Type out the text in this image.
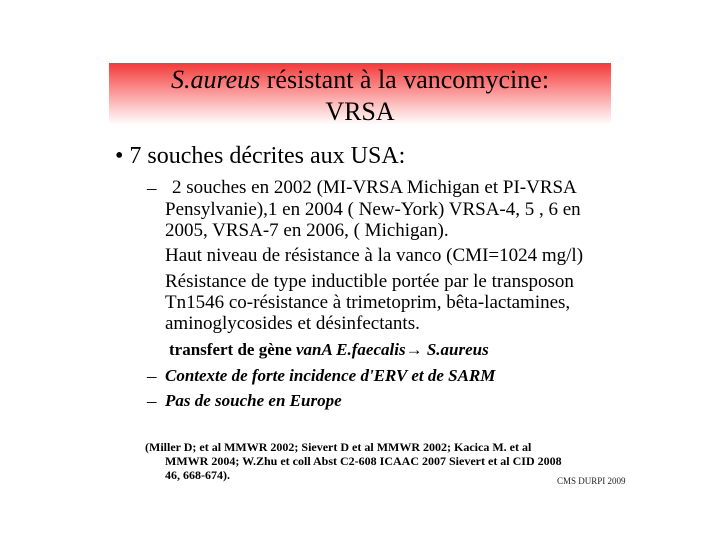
S.aureus résistant à la vancomycine:
VRSA
• 7 souches décrites aux USA:
– 2 souches en 2002 (MI-VRSA Michigan et PI-VRSA
Pensylvanie),1 en 2004 ( New-York) VRSA-4, 5 , 6 en
2005, VRSA-7 en 2006, ( Michigan).
Haut niveau de résistance à la vanco (CMI=1024 mg/l)
Résistance de type inductible portée par le transposon
Tn1546 co-résistance à trimetoprim, bêta-lactamines,
aminoglycosides et désinfectants.
transfert de gène vanA E.faecalis→ S.aureus
– Contexte de forte incidence d'ERV et de SARM
– Pas de souche en Europe
(Miller D; et al MMWR 2002; Sievert D et al MMWR 2002; Kacica M. et al
MMWR 2004; W.Zhu et coll Abst C2-608 ICAAC 2007 Sievert et al CID 2008
46, 668-674).	CMS DURPI 2009
